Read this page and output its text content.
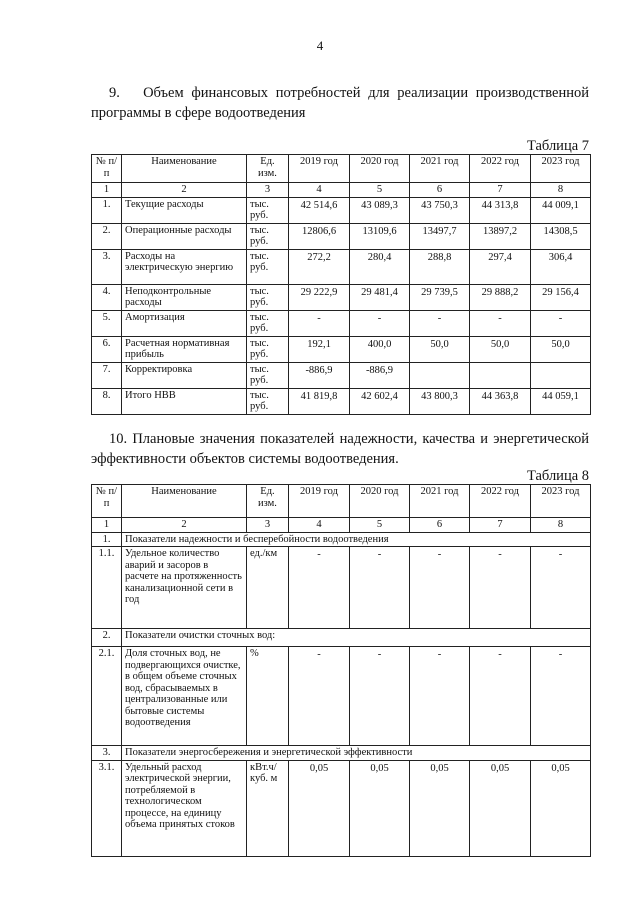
4
9. Объем финансовых потребностей для реализации производственной
программы в сфере водоотведения
Таблица 7
№ п/п	Наименование	Ед. изм.	2019 год	2020 год	2021 год	2022 год	2023 год
1	2	3	4	5	6	7	8
1.	Текущие расходы	тыс. руб.	42 514,6	43 089,3	43 750,3	44 313,8	44 009,1
2.	Операционные расходы	тыс. руб.	12806,6	13109,6	13497,7	13897,2	14308,5
3.	Расходы на электрическую энергию	тыс. руб.	272,2	280,4	288,8	297,4	306,4
4.	Неподконтрольные расходы	тыс. руб.	29 222,9	29 481,4	29 739,5	29 888,2	29 156,4
5.	Амортизация	тыс. руб.	-	-	-	-	-
6.	Расчетная нормативная прибыль	тыс. руб.	192,1	400,0	50,0	50,0	50,0
7.	Корректировка	тыс. руб.	-886,9	-886,9			
8.	Итого НВВ	тыс. руб.	41 819,8	42 602,4	43 800,3	44 363,8	44 059,1
10. Плановые значения показателей надежности, качества и энергетической
эффективности объектов системы водоотведения.
Таблица 8
№ п/п	Наименование	Ед. изм.	2019 год	2020 год	2021 год	2022 год	2023 год
1	2	3	4	5	6	7	8
1.	Показатели надежности и бесперебойности водоотведения						
1.1.	Удельное количество аварий и засоров в расчете на протяженность канализационной сети в год	ед./км	-	-	-	-	-
2.	Показатели очистки сточных вод:						
2.1.	Доля сточных вод, не подвергающихся очистке, в общем объеме сточных вод, сбрасываемых в централизованные или бытовые системы водоотведения	%	-	-	-	-	-
3.	Показатели энергосбережения и энергетической эффективности						
3.1.	Удельный расход электрической энергии, потребляемой в технологическом процессе, на единицу объема принятых стоков	кВт.ч/ куб. м	0,05	0,05	0,05	0,05	0,05
